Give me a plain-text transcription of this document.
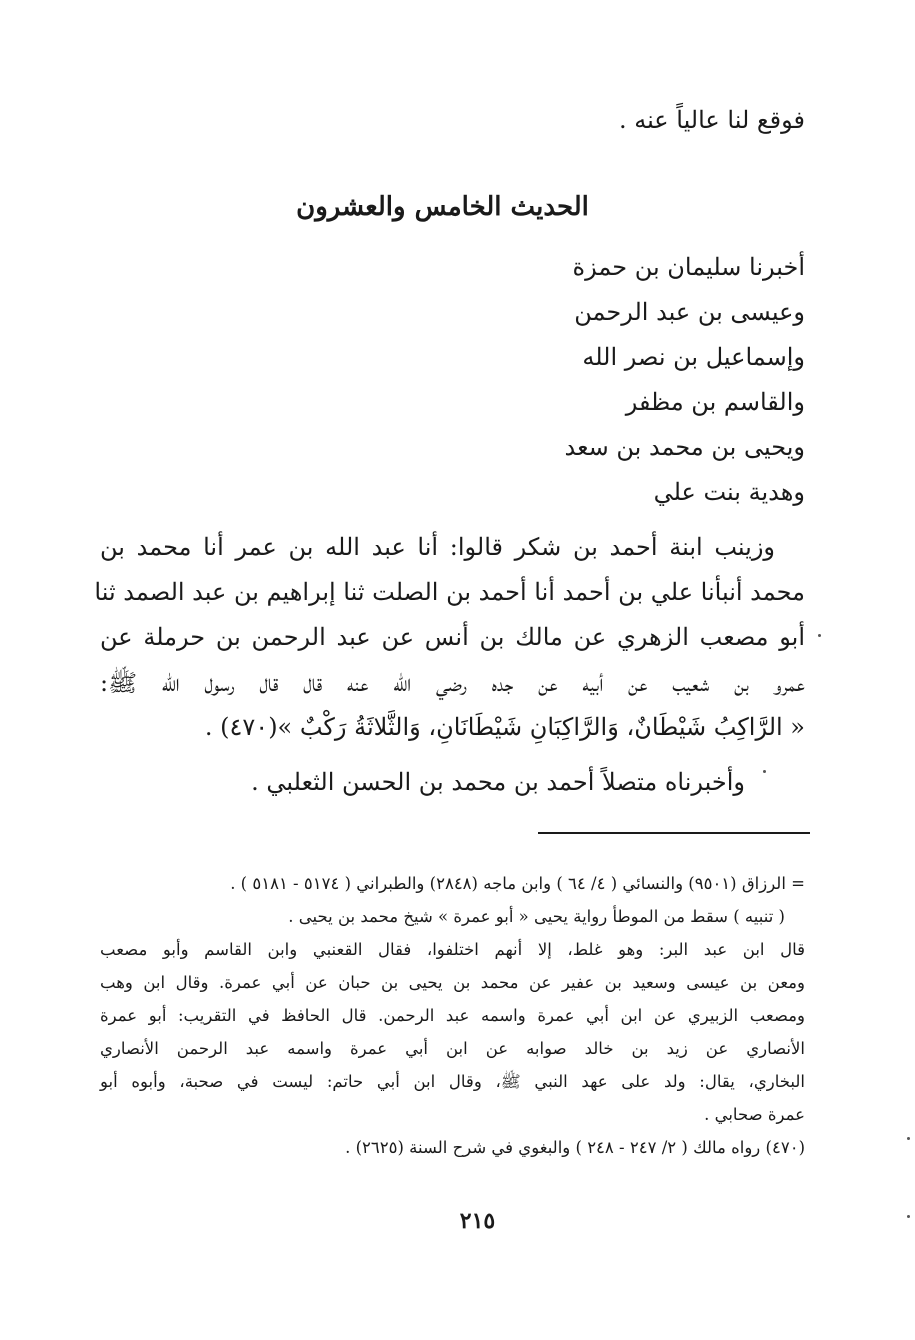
فوقع لنا عالياً عنه .
الحديث الخامس والعشرون
أخبرنا سليمان بن حمزة
وعيسى بن عبد الرحمن
وإسماعيل بن نصر الله
والقاسم بن مظفر
ويحيى بن محمد بن سعد
وهدية بنت علي
وزينب ابنة أحمد بن شكر قالوا: أنا عبد الله بن عمر أنا محمد بن
محمد أنبأنا علي بن أحمد أنا أحمد بن الصلت ثنا إبراهيم بن عبد الصمد ثنا
أبو مصعب الزهري عن مالك بن أنس عن عبد الرحمن بن حرملة عن
عمرو بن شعيب عن أبيه عن جده رضي الله عنه قال قال رسول الله ﷺ:
« الرَّاكِبُ شَيْطَانٌ، وَالرَّاكِبَانِ شَيْطَانَانِ، وَالثَّلاثَةُ رَكْبٌ »(٤٧٠) .
وأخبرناه متصلاً أحمد بن محمد بن الحسن الثعلبي .
= الرزاق (٩٥٠١) والنسائي ( ٤/ ٦٤ ) وابن ماجه (٢٨٤٨) والطبراني ( ٥١٧٤ - ٥١٨١ ) .
( تنبيه ) سقط من الموطأ رواية يحيى « أبو عمرة » شيخ محمد بن يحيى .
قال ابن عبد البر: وهو غلط، إلا أنهم اختلفوا، فقال القعنبي وابن القاسم وأبو مصعب
ومعن بن عيسى وسعيد بن عفير عن محمد بن يحيى بن حبان عن أبي عمرة. وقال ابن وهب
ومصعب الزبيري عن ابن أبي عمرة واسمه عبد الرحمن. قال الحافظ في التقريب: أبو عمرة
الأنصاري عن زيد بن خالد صوابه عن ابن أبي عمرة واسمه عبد الرحمن الأنصاري
البخاري، يقال: ولد على عهد النبي ﷺ، وقال ابن أبي حاتم: ليست في صحبة، وأبوه أبو
عمرة صحابي .
(٤٧٠) رواه مالك ( ٢/ ٢٤٧ - ٢٤٨ ) والبغوي في شرح السنة (٢٦٢٥) .
٢١٥
